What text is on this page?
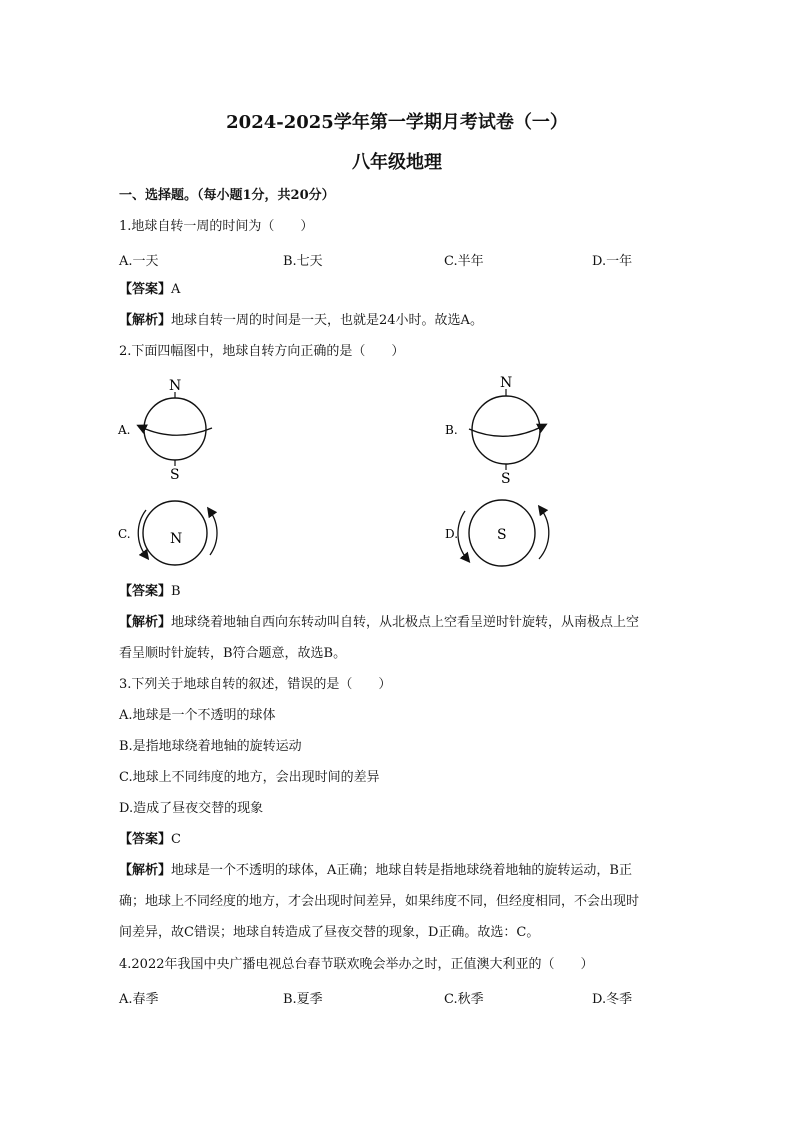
2024-2025学年第一学期月考试卷（一）
八年级地理
一、选择题。（每小题1分，共20分）
1.地球自转一周的时间为（　　）
A.一天	B.七天	C.半年	D.一年
【答案】A
【解析】地球自转一周的时间是一天，也就是24小时。故选A。
2.下面四幅图中，地球自转方向正确的是（　　）
A.
N
S
B.
N
S
C.	N	D.	S
【答案】B
【解析】地球绕着地轴自西向东转动叫自转，从北极点上空看呈逆时针旋转，从南极点上空
看呈顺时针旋转，B符合题意，故选B。
3.下列关于地球自转的叙述，错误的是（　　）
A.地球是一个不透明的球体
B.是指地球绕着地轴的旋转运动
C.地球上不同纬度的地方，会出现时间的差异
D.造成了昼夜交替的现象
【答案】C
【解析】地球是一个不透明的球体，A正确；地球自转是指地球绕着地轴的旋转运动，B正
确；地球上不同经度的地方，才会出现时间差异，如果纬度不同，但经度相同，不会出现时
间差异，故C错误；地球自转造成了昼夜交替的现象，D正确。故选：C。
4.2022年我国中央广播电视总台春节联欢晚会举办之时，正值澳大利亚的（　　）
A.春季	B.夏季	C.秋季	D.冬季
